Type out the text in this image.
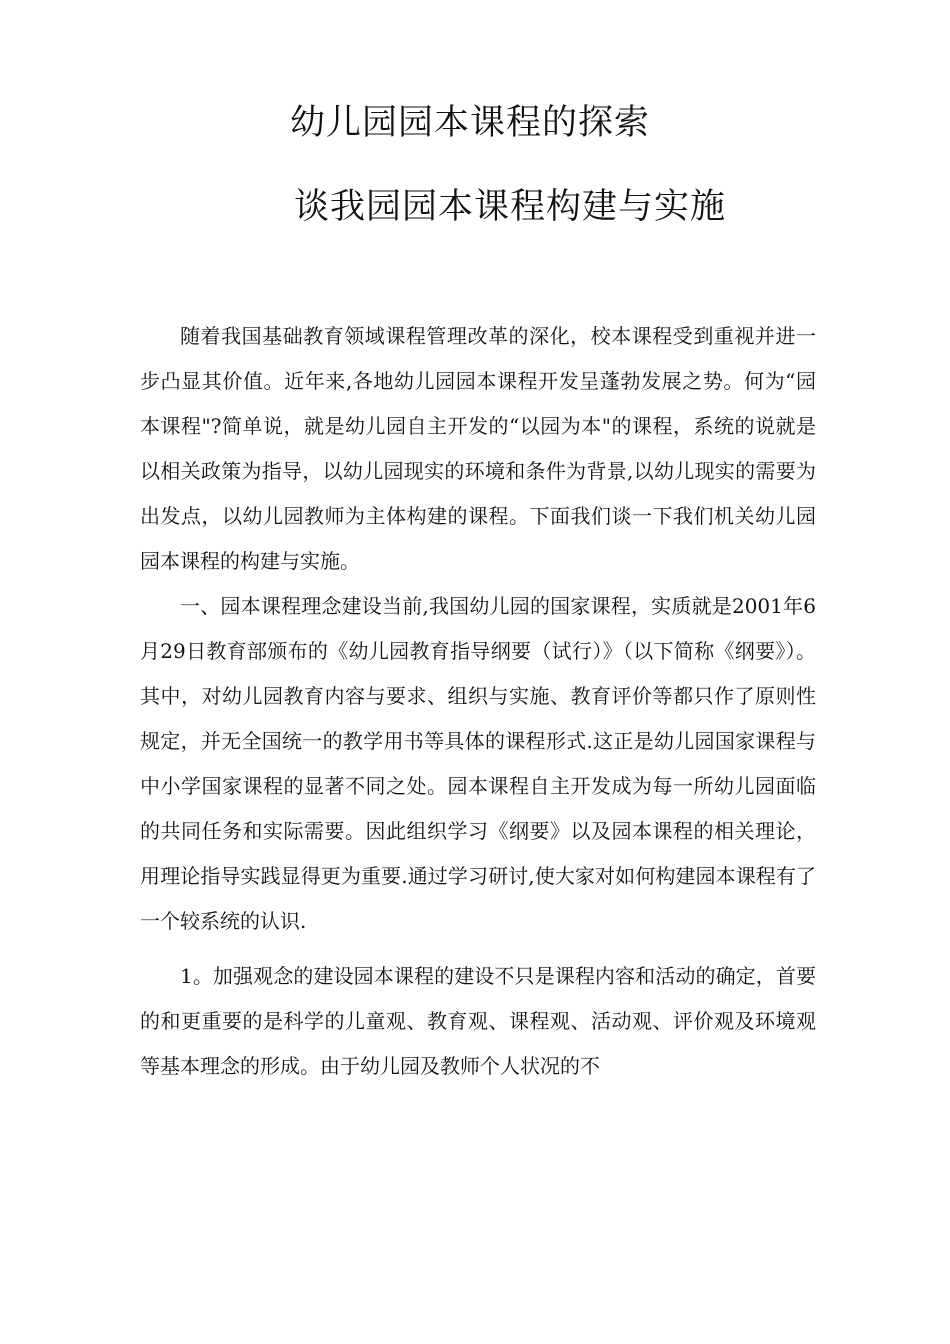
幼儿园园本课程的探索
谈我园园本课程构建与实施

随着我国基础教育领域课程管理改革的深化，校本课程受到重视并进一步凸显其价值。近年来,各地幼儿园园本课程开发呈蓬勃发展之势。何为“园本课程"?简单说，就是幼儿园自主开发的“以园为本"的课程，系统的说就是以相关政策为指导，以幼儿园现实的环境和条件为背景,以幼儿现实的需要为出发点，以幼儿园教师为主体构建的课程。下面我们谈一下我们机关幼儿园园本课程的构建与实施。

一、园本课程理念建设当前,我国幼儿园的国家课程，实质就是2001年6月29日教育部颁布的《幼儿园教育指导纲要（试行）》（以下简称《纲要》）。其中，对幼儿园教育内容与要求、组织与实施、教育评价等都只作了原则性规定，并无全国统一的教学用书等具体的课程形式.这正是幼儿园国家课程与中小学国家课程的显著不同之处。园本课程自主开发成为每一所幼儿园面临的共同任务和实际需要。因此组织学习《纲要》以及园本课程的相关理论，用理论指导实践显得更为重要.通过学习研讨,使大家对如何构建园本课程有了一个较系统的认识.

1。加强观念的建设园本课程的建设不只是课程内容和活动的确定，首要的和更重要的是科学的儿童观、教育观、课程观、活动观、评价观及环境观等基本理念的形成。由于幼儿园及教师个人状况的不
